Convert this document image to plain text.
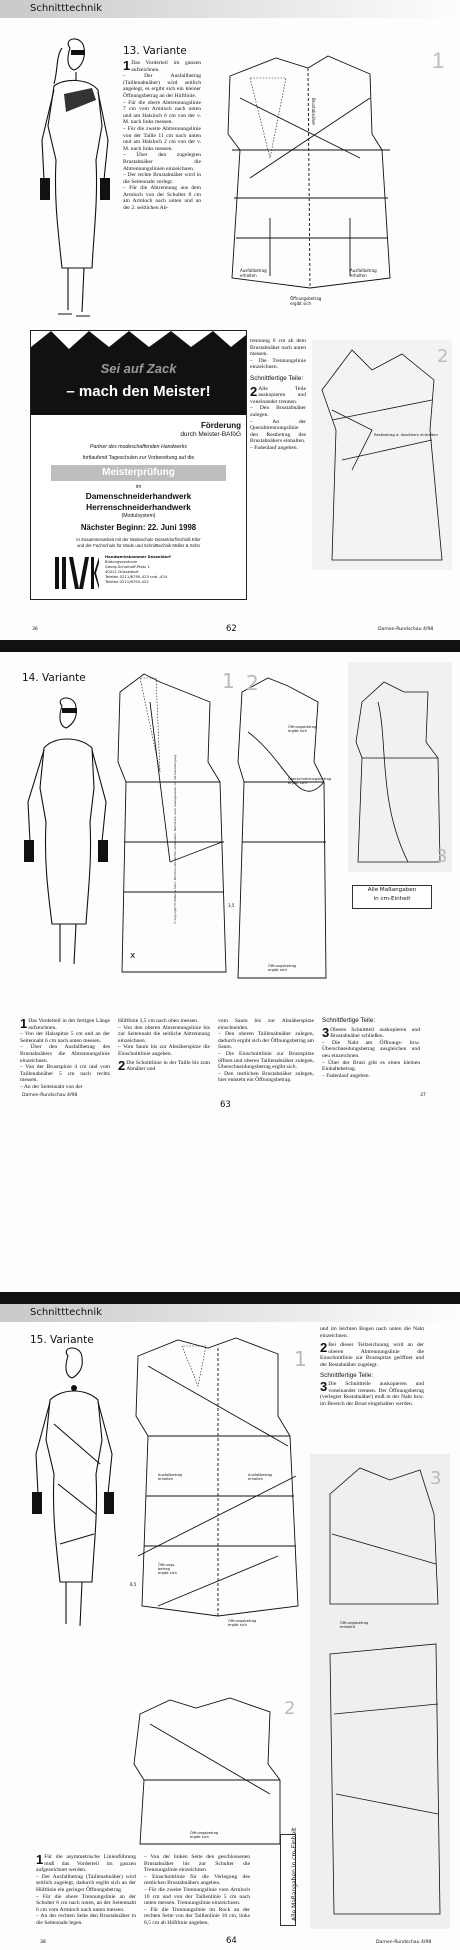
Schnitttechnik
13. Variante
1 Das Vorderteil im ganzen aufzeichnen.

– Der Ausfallbetrag (Taillenabnäher) wird seitlich angelegt, es ergibt sich ein kleiner Öffnungsbetrag an der Hüftlinie.

– Für die obere Abtrennungslinie 7 cm vom Armloch nach unten und am Halsloch 6 cm von der v. M. nach links messen.

– Für die zweite Abtrennungslinie von der Taille 11 cm nach unten und am Halsloch 2 cm von der v. M. nach links messen.

– Über den zugelegten Brustabnäher die Abtrennungslinien einzeichnen.

– Der rechte Brustabnäher wird in die Seitennaht verlegt.

– Für die Abtrennung aus dem Armloch von der Schulter 8 cm am Armloch nach unten und an der 2. seitlichen Ab-

1
Ausfallbetrag
erhalten
Ausfallbetrag
erhalten
Öffnungsbetrag
ergibt sich
Brustabnäher
Sei auf Zack
– mach den Meister!
Förderung
durch Meister-BAföG
Partner des modeschaffenden Handwerks
fortlaufend Tageschulen zur Vorbereitung auf die
Meisterprüfung
im
Damenschneiderhandwerk
Herrenschneiderhandwerk
(Modulsystem)
Nächster Beginn: 22. Juni 1998
In Zusammenarbeit mit der Modeschule Düsseldorf/Schloß Eller
und der Fachschule für Mode und Schnitttechnik Müller & Sohn
Handwerkskammer Düsseldorf
Bildungszentrum
Georg-Schulhoff-Platz 1
40221 Düsseldorf
Telefon 0211/8795-423 und -424
Telefax 0211/8795-422

trennung 6 cm ab dem Brustabnäher nach unten messen.

– Die Trennungslinie einzeichnen.

Schnittfertige Teile:

2 Alle Teile auskopieren und voneinander trennen.

– Den Brustabnäher zulegen.

– An der Querabtrennungslinie den Restbetrag des Brustabnähers einhalten.

– Fadenlauf angeben.

2
Restbetrag d. Abnähers einhalten
36	Damen-Rundschau 4/98
62
14. Variante	1
x
3,5
© Copyright M. Müller & Sohn, München Alle Rechte vorbehalten. Nachdruck, auch auszugsweise, nur mit Genehmigung.
2
Öffnungsbetrag
ergibt sich
Überschneidungsbetrag
ergibt sich
Öffnungsbetrag
ergibt sich
3
Alle Maßangaben
in cm-Einheit
1 Das Vorderteil in der fertigen Länge aufzeichnen.

– Von der Halsspitze 5 cm und an der Seitennaht 6 cm nach unten messen.

– Über den Ausfallbetrag des Brustabnähers die Abtrennungslinie einzeichnen.

– Von der Brustspitze 4 cm und vom Taillenabnäher 5 cm nach rechts messen.

– An der Seitennaht von der

Hüftlinie 3,5 cm nach oben messen.

– Von den oberen Abtrennungslinie bis zur Seitennaht die seitliche Abtrennung einzeichnen.

– Vom Saum bis zur Abnäherspitze die Einschnittlinie angeben.

2 Die Schnittlinie in der Taille bis zum Abnäher und

vom Saum bis zur Abnäherspitze einschneiden.

– Den oberen Taillenabnäher zulegen, dadurch ergibt sich der Öffnungsbetrag am Saum.

– Die Einschnittlinie zur Brustspitze öffnen und oberen Taillenabnäher zulegen, Überschneidungsbetrag ergibt sich.

– Den restlichen Brustabnäher zulegen, hier entsteht ein Öffnungsbetrag.

Schnittfertige Teile:

3 Oberes Schnittteil auskopieren und Brustabnäher schließen.

– Die Naht am Öffnungs- bzw. Überschneidungsbetrag ausgleichen und neu einzeichnen.

– Über der Brust gibt es einen kleinen Einhaltebetrag.

– Fadenlauf angeben.

Damen-Rundschau 4/98	37
63
Schnitttechnik
15. Variante
1
Ausfallbetrag
erhalten
Ausfallbetrag
erhalten
Öffnungs-
betrag
ergibt sich
Öffnungsbetrag
ergibt sich
8,5
2
Öffnungsbetrag
ergibt sich

und im leichten Bogen nach unten die Naht einzeichnen.

2 Bei dieser Teilzeichnung wird an der oberen Abtrennungslinie die Einschnittlinie zur Brustspitze geöffnet und der Restabnäher zugelegt.

Schnittfertige Teile:

3 Die Schnittteile auskopieren und voneinander trennen. Der Öffnungsbetrag (verlegter Restabnäher) muß in der Naht bzw. im Bereich der Brust eingehalten werden.

3
Öffnungsbetrag
entsteht
Alle Maßangaben in cm-Einheit
1 Für die asymmetrische Linienführung muß das Vorderteil im ganzen aufgezeichnet werden.

– Der Ausfallbetrag (Taillenabnäher) wird seitlich zugelegt, dadurch ergibt sich an der Hüftlinie ein geringer Öffnungsbetrag.

– Für die obere Trennungslinie an der Schulter 6 cm nach innen, an der Seitennaht 6 cm vom Armloch nach unten messen.

– An der rechten Seite den Brustabnäher in die Seitennaht legen.

– Von der linken Seite den geschlossenen Brustabnäher bis zur Schulter die Trennungslinie einzeichnen.

– Einschnittlinie für die Verlegung des restlichen Brustabnähers angeben.

– Für die zweite Trennungslinie vom Armloch 10 cm und von der Taillenlinie 5 cm nach unten messen. Trennungslinie einzeichnen.

– Für die Trennungslinie im Rock an der rechten Seite von der Taillenlinie 10 cm, links 8,5 cm ab Hüftlinie angeben.

38	Damen-Rundschau 4/98
64
